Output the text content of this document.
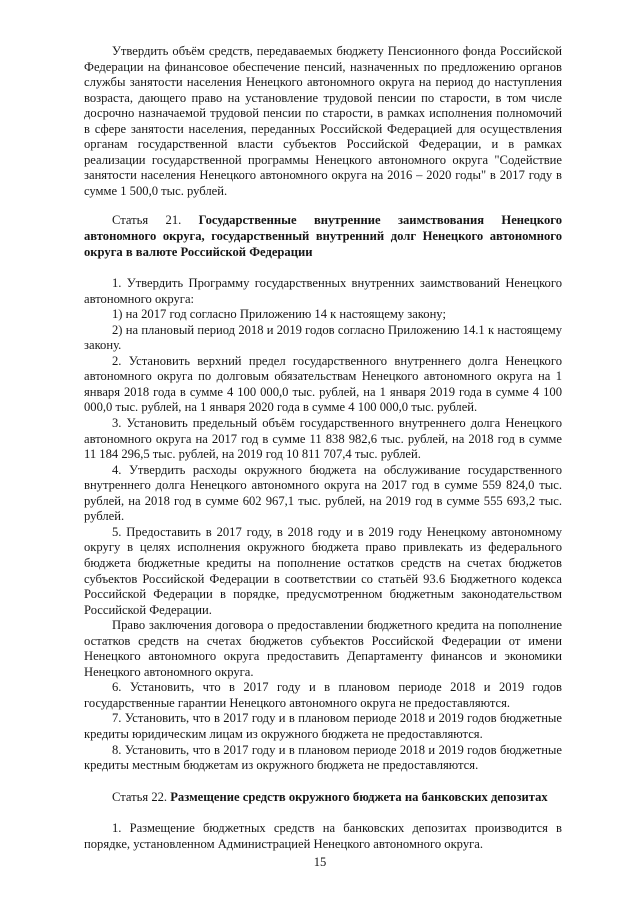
Утвердить объём средств, передаваемых бюджету Пенсионного фонда Российской Федерации на финансовое обеспечение пенсий, назначенных по предложению органов службы занятости населения Ненецкого автономного округа на период до наступления возраста, дающего право на установление трудовой пенсии по старости, в том числе досрочно назначаемой трудовой пенсии по старости, в рамках исполнения полномочий в сфере занятости населения, переданных Российской Федерацией для осуществления органам государственной власти субъектов Российской Федерации, и в рамках реализации государственной программы Ненецкого автономного округа "Содействие занятости населения Ненецкого автономного округа на 2016 – 2020 годы" в 2017 году в сумме 1 500,0 тыс. рублей.

Статья 21. Государственные внутренние заимствования Ненецкого автономного округа, государственный внутренний долг Ненецкого автономного округа в валюте Российской Федерации

1. Утвердить Программу государственных внутренних заимствований Ненецкого автономного округа:

1) на 2017 год согласно Приложению 14 к настоящему закону;

2) на плановый период 2018 и 2019 годов согласно Приложению 14.1 к настоящему закону.

2. Установить верхний предел государственного внутреннего долга Ненецкого автономного округа по долговым обязательствам Ненецкого автономного округа на 1 января 2018 года в сумме 4 100 000,0 тыс. рублей, на 1 января 2019 года в сумме 4 100 000,0 тыс. рублей, на 1 января 2020 года в сумме 4 100 000,0 тыс. рублей.

3. Установить предельный объём государственного внутреннего долга Ненецкого автономного округа на 2017 год в сумме 11 838 982,6 тыс. рублей, на 2018 год в сумме 11 184 296,5 тыс. рублей, на 2019 год 10 811 707,4 тыс. рублей.

4. Утвердить расходы окружного бюджета на обслуживание государственного внутреннего долга Ненецкого автономного округа на 2017 год в сумме 559 824,0 тыс. рублей, на 2018 год в сумме 602 967,1 тыс. рублей, на 2019 год в сумме 555 693,2 тыс. рублей.

5. Предоставить в 2017 году, в 2018 году и в 2019 году Ненецкому автономному округу в целях исполнения окружного бюджета право привлекать из федерального бюджета бюджетные кредиты на пополнение остатков средств на счетах бюджетов субъектов Российской Федерации в соответствии со статьёй 93.6 Бюджетного кодекса Российской Федерации в порядке, предусмотренном бюджетным законодательством Российской Федерации.

Право заключения договора о предоставлении бюджетного кредита на пополнение остатков средств на счетах бюджетов субъектов Российской Федерации от имени Ненецкого автономного округа предоставить Департаменту финансов и экономики Ненецкого автономного округа.

6. Установить, что в 2017 году и в плановом периоде 2018 и 2019 годов государственные гарантии Ненецкого автономного округа не предоставляются.

7. Установить, что в 2017 году и в плановом периоде 2018 и 2019 годов бюджетные кредиты юридическим лицам из окружного бюджета не предоставляются.

8. Установить, что в 2017 году и в плановом периоде 2018 и 2019 годов бюджетные кредиты местным бюджетам из окружного бюджета не предоставляются.

Статья 22. Размещение средств окружного бюджета на банковских депозитах

1. Размещение бюджетных средств на банковских депозитах производится в порядке, установленном Администрацией Ненецкого автономного округа.

15
